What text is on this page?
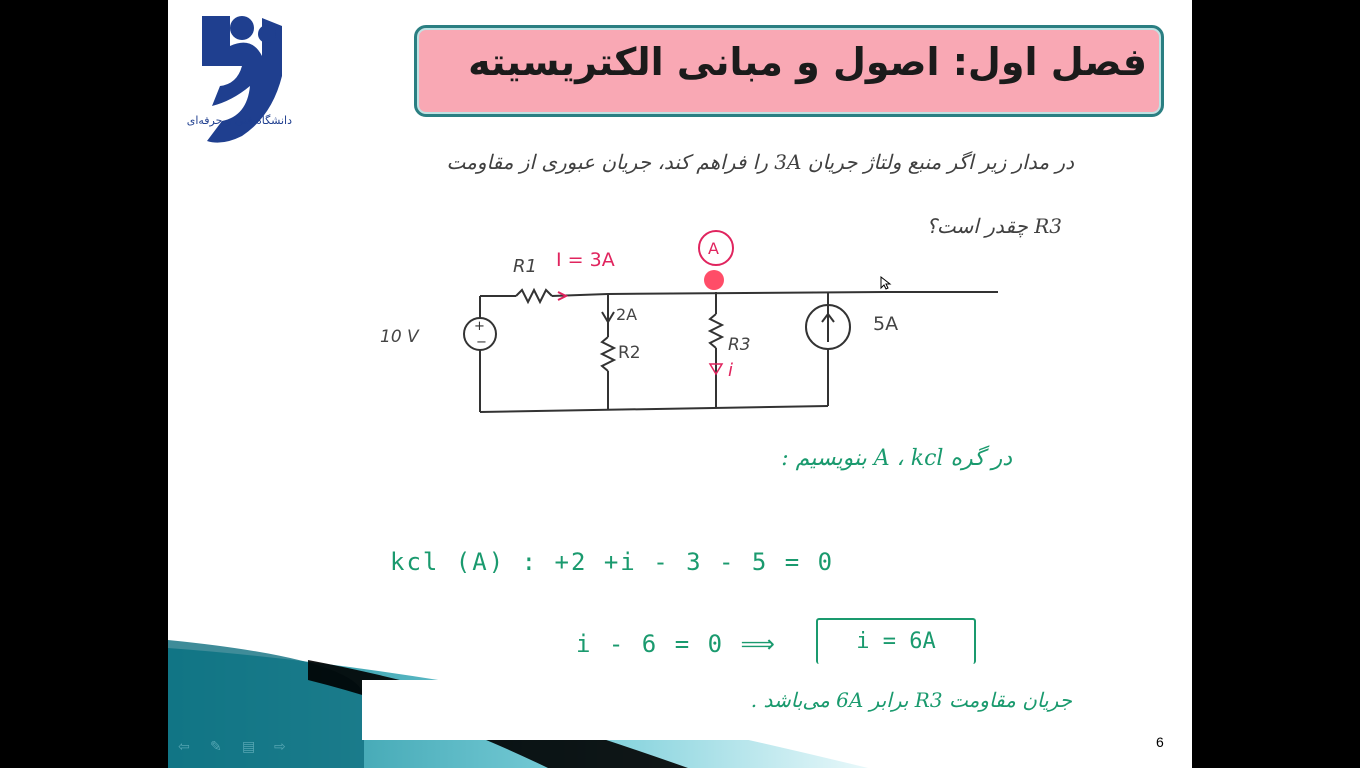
دانشگاه فنی و حرفه‌ای
فصل اول: اصول و مبانی الکتریسیته
در مدار زیر اگر منبع ولتاژ جریان 3A را فراهم کند، جریان عبوری از مقاومت
R3 چقدر است؟
+
−
10 V
R1 I = 3A
A
2A
R2	R3
i
5A
در گره A ، kcl بنویسیم :
kcl (A) : +2 +i - 3 - 5 = 0
i - 6 = 0 ⟹	i = 6A
جریان مقاومت R3 برابر 6A می‌باشد .
⇦	✎	▤	⇨	6
